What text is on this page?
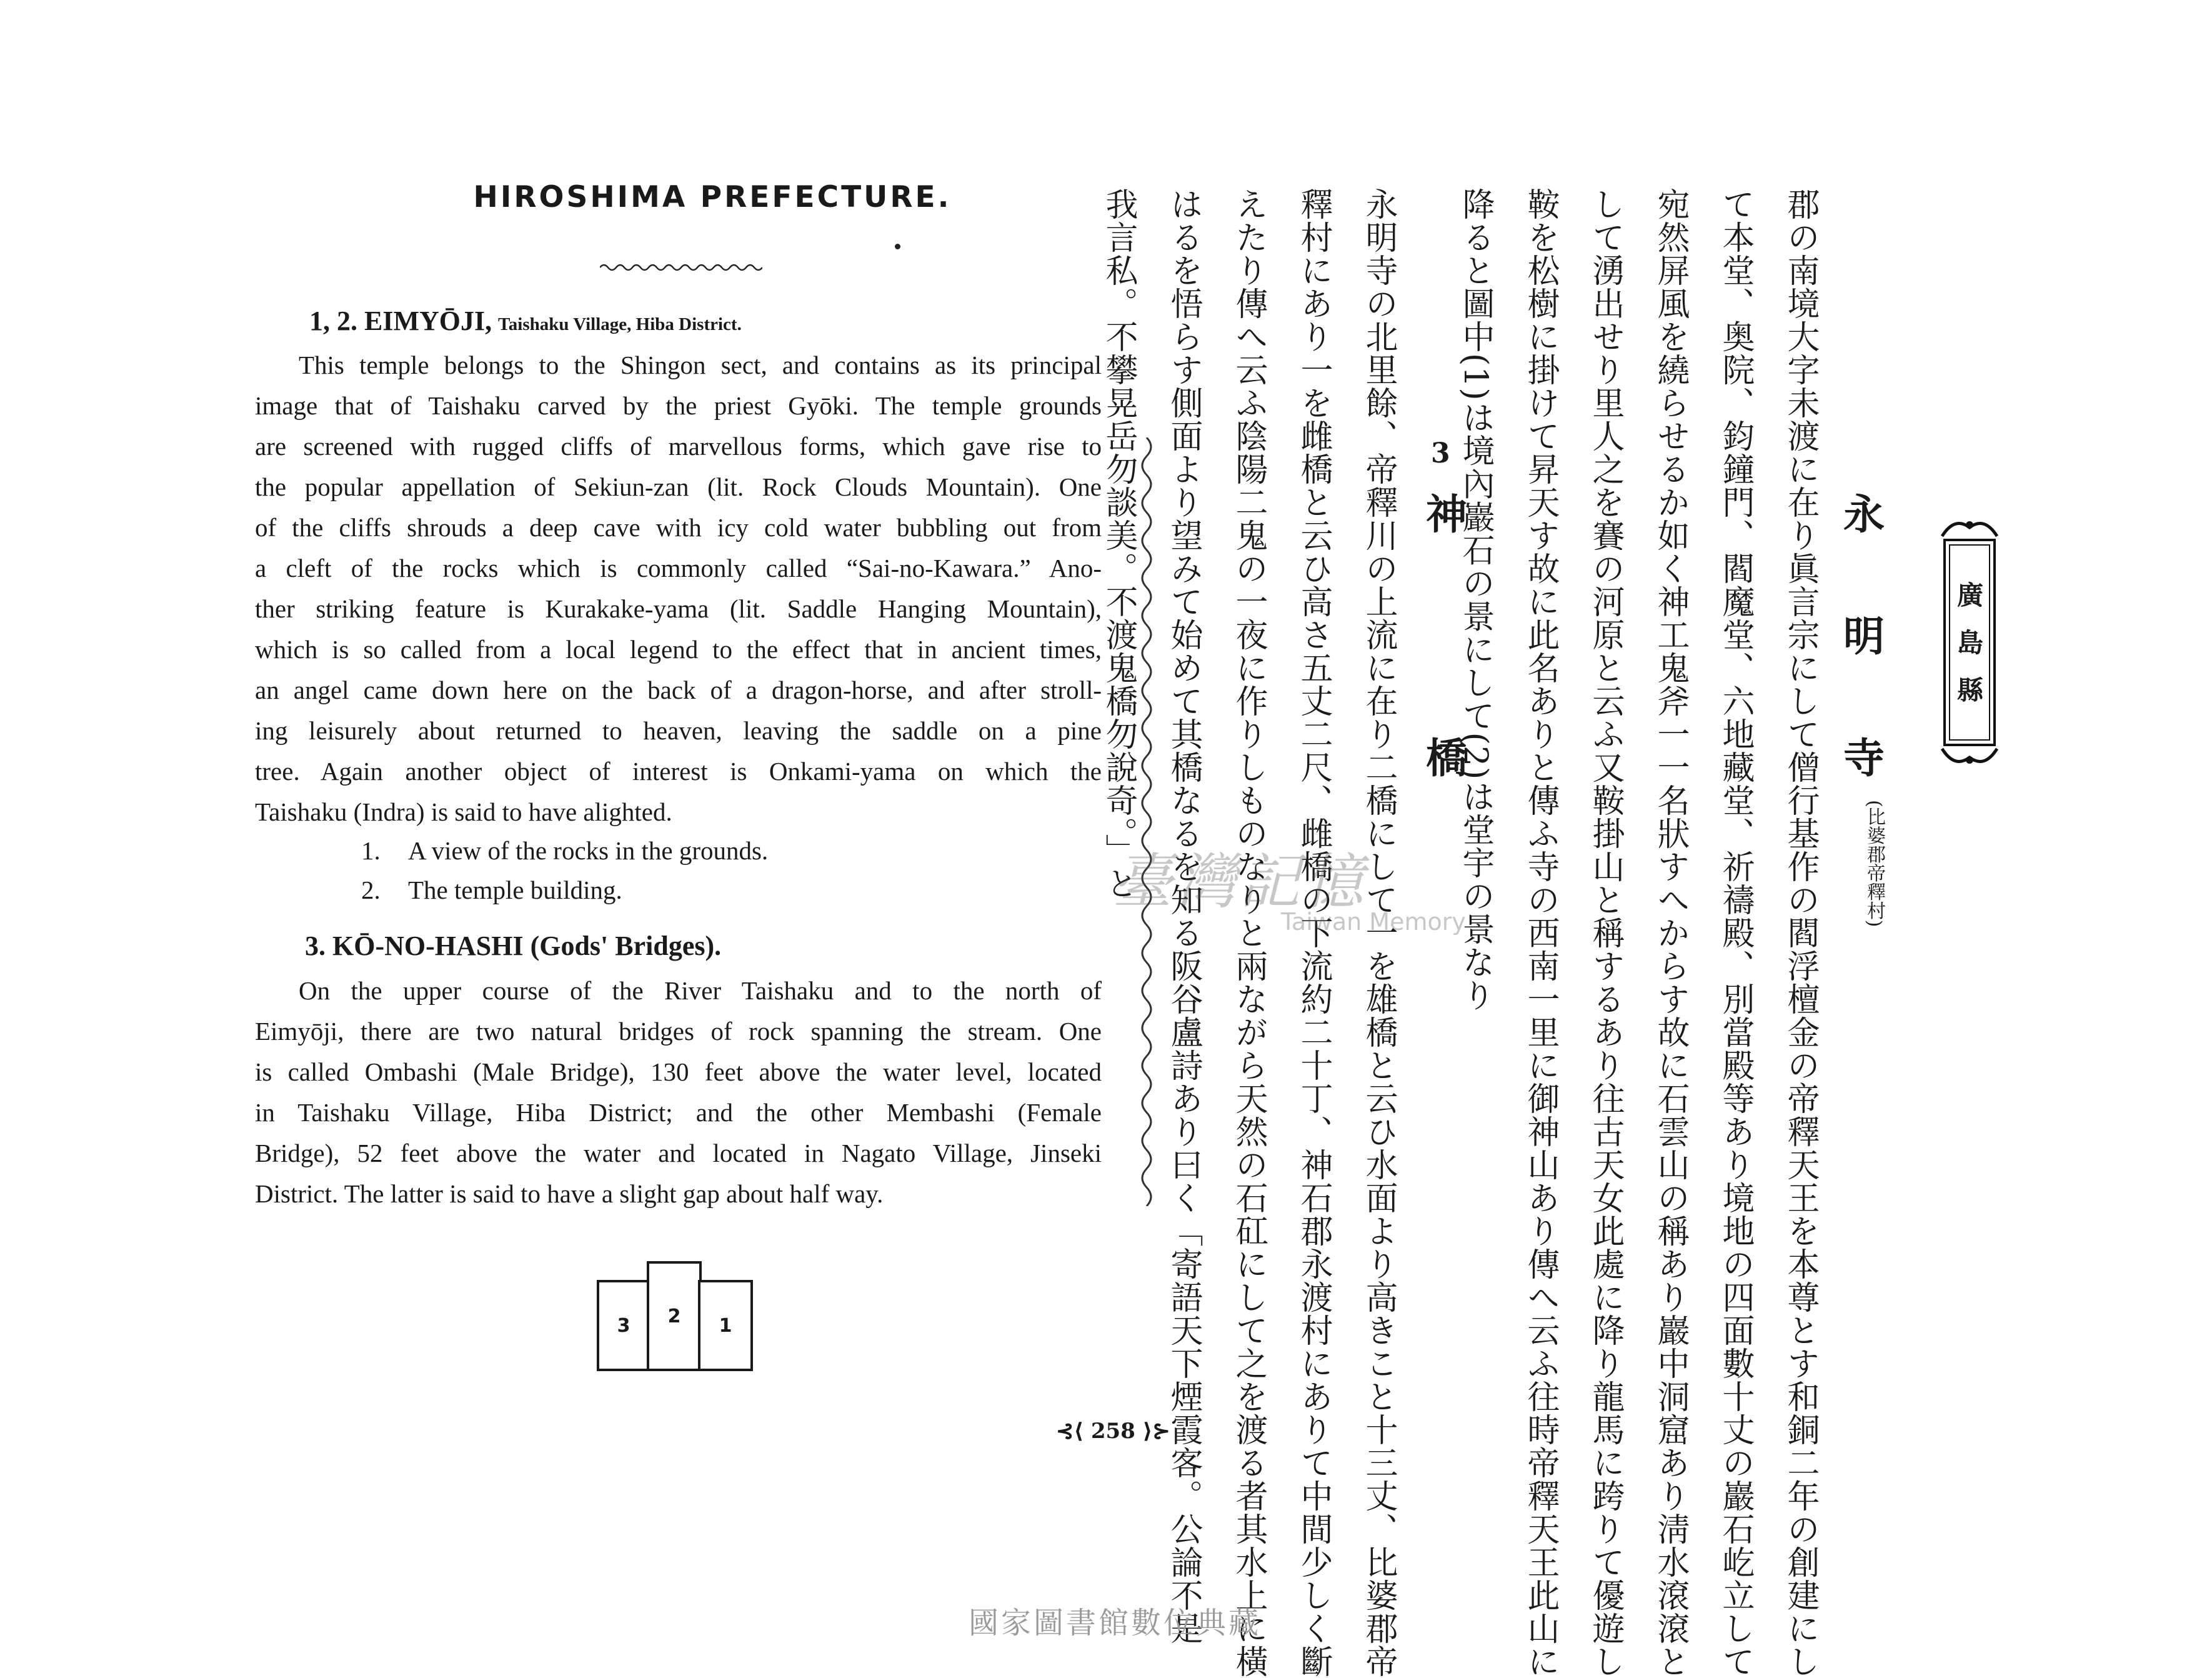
HIROSHIMA PREFECTURE.
1, 2. EIMYŌJI, Taishaku Village, Hiba District.

This temple belongs to the Shingon sect, and contains as its principal

image that of Taishaku carved by the priest Gyōki. The temple grounds

are screened with rugged cliffs of marvellous forms, which gave rise to

the popular appellation of Sekiun-zan (lit. Rock Clouds Mountain). One

of the cliffs shrouds a deep cave with icy cold water bubbling out from

a cleft of the rocks which is commonly called “Sai-no-Kawara.” Ano-

ther striking feature is Kurakake-yama (lit. Saddle Hanging Mountain),

which is so called from a local legend to the effect that in ancient times,

an angel came down here on the back of a dragon-horse, and after stroll-

ing leisurely about returned to heaven, leaving the saddle on a pine

tree. Again another object of interest is Onkami-yama on which the

Taishaku (Indra) is said to have alighted.

1. A view of the rocks in the grounds.
2. The temple building.
3. KŌ-NO-HASHI (Gods' Bridges).

On the upper course of the River Taishaku and to the north of

Eimyōji, there are two natural bridges of rock spanning the stream. One

is called Ombashi (Male Bridge), 130 feet above the water level, located

in Taishaku Village, Hiba District; and the other Membashi (Female

Bridge), 52 feet above the water and located in Nagato Village, Jinseki

District. The latter is said to have a slight gap about half way.

3	2	1
廣島縣
永
明
寺
(比婆郡帝釋村)
郡の南境大字未渡に在り眞言宗にして僧行基作の閻浮檀金の帝釋天王を本尊とす和銅二年の創建にし
て本堂、奥院、鈞鐘門、閻魔堂、六地藏堂、祈禱殿、別當殿等あり境地の四面數十丈の巖石屹立して
宛然屏風を繞らせるか如く神工鬼斧一一名狀すへからす故に石雲山の稱あり巖中洞窟あり淸水滾滾と
して湧出せり里人之を賽の河原と云ふ又鞍掛山と稱するあり往古天女此處に降り龍馬に跨りて優遊し
鞍を松樹に掛けて昇天す故に此名ありと傳ふ寺の西南一里に御神山あり傳へ云ふ往時帝釋天王此山に
降ると圖中(1)は境內巖石の景にして(2)は堂宇の景なり
3
神
橋
永明寺の北里餘、帝釋川の上流に在り二橋にして一を雄橋と云ひ水面より高きこと十三丈、比婆郡帝
釋村にあり一を雌橋と云ひ高さ五丈二尺、雌橋の下流約二十丁、神石郡永渡村にありて中間少しく斷
えたり傳へ云ふ陰陽二鬼の一夜に作りしものなりと兩ながら天然の石矼にして之を渡る者其水上に橫
はるを悟らす側面より望みて始めて其橋なるを知る阪谷盧詩あり曰く「寄語天下煙霞客。公論不是
我言私。不攀晃岳勿談美。不渡鬼橋勿說奇。」と
臺灣記憶
Taiwan Memory
⊰⟨ 258 ⟩⊱
國家圖書館數位典藏
